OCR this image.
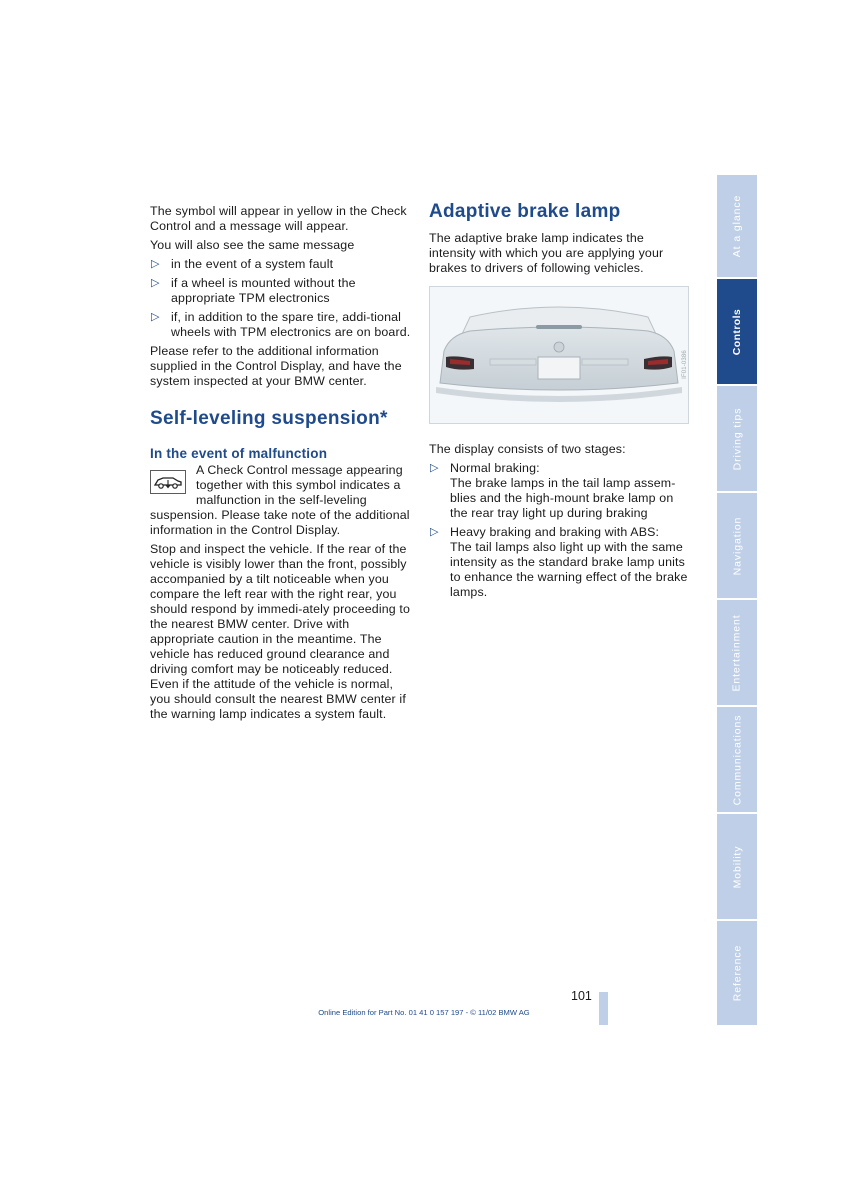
The symbol will appear in yellow in the Check Control and a message will appear.

You will also see the same message

▷ in the event of a system fault
▷ if a wheel is mounted without the appropriate TPM electronics
▷ if, in addition to the spare tire, addi-tional wheels with TPM electronics are on board.

Please refer to the additional information supplied in the Control Display, and have the system inspected at your BMW center.

Self-leveling suspension*
In the event of malfunction

A Check Control message appearing together with this symbol indicates a malfunction in the self-leveling suspension. Please take note of the additional information in the Control Display.

Stop and inspect the vehicle. If the rear of the vehicle is visibly lower than the front, possibly accompanied by a tilt noticeable when you compare the left rear with the right rear, you should respond by immedi-ately proceeding to the nearest BMW center. Drive with appropriate caution in the meantime. The vehicle has reduced ground clearance and driving comfort may be noticeably reduced. Even if the attitude of the vehicle is normal, you should consult the nearest BMW center if the warning lamp indicates a system fault.

Adaptive brake lamp

The adaptive brake lamp indicates the intensity with which you are applying your brakes to drivers of following vehicles.

IF01-0386

The display consists of two stages:

▷ Normal braking:
The brake lamps in the tail lamp assem-blies and the high-mount brake lamp on the rear tray light up during braking
▷ Heavy braking and braking with ABS:
The tail lamps also light up with the same intensity as the standard brake lamp units to enhance the warning effect of the brake lamps.
At a glance
Controls
Driving tips
Navigation
Entertainment
Communications
Mobility
Reference
101
Online Edition for Part No. 01 41 0 157 197 - © 11/02 BMW AG
